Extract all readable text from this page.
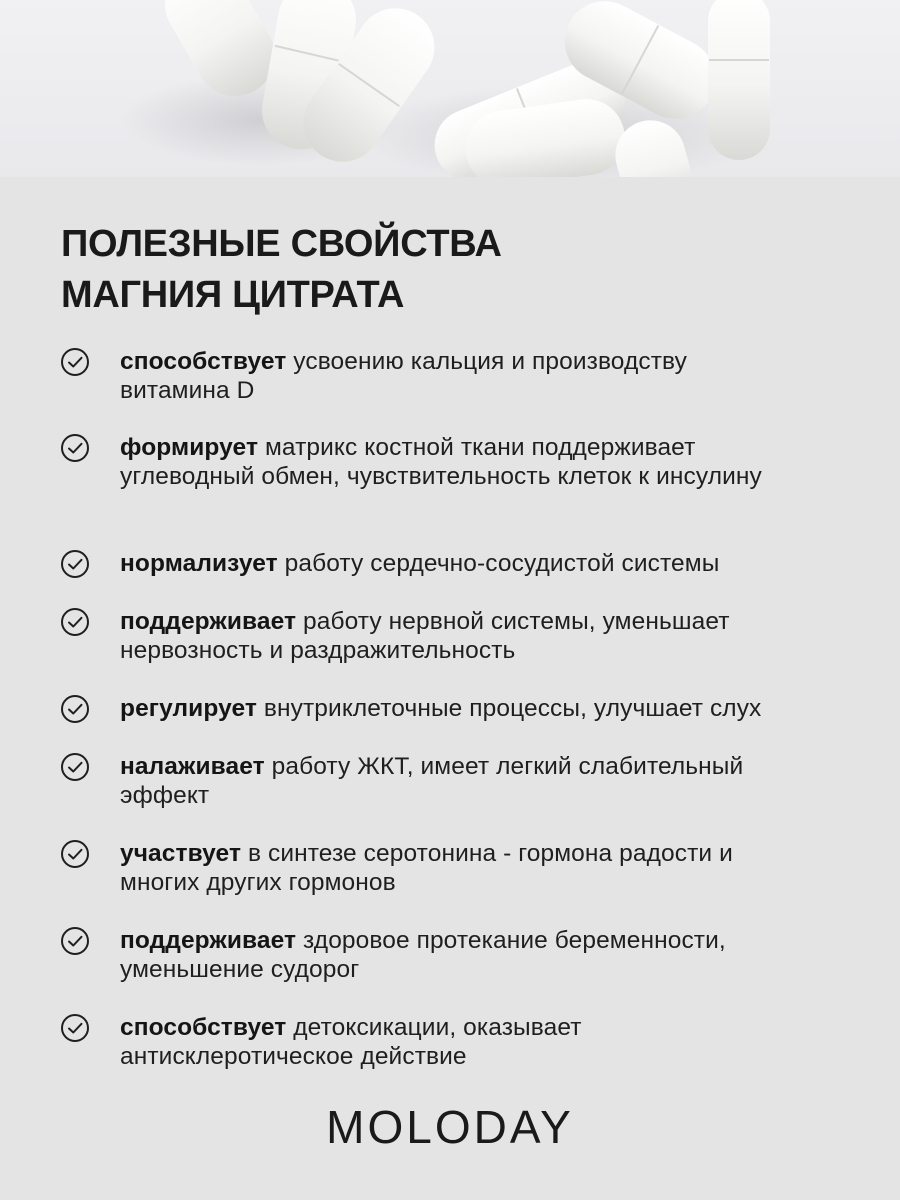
ПОЛЕЗНЫЕ СВОЙСТВА
МАГНИЯ ЦИТРАТА
способствует усвоению кальция и производству витамина D
формирует матрикс костной ткани поддерживает углеводный обмен, чувствительность клеток к инсулину
нормализует работу сердечно-сосудистой системы
поддерживает работу нервной системы, уменьшает нервозность и раздражительность
регулирует внутриклеточные процессы, улучшает слух
налаживает работу ЖКТ, имеет легкий слабительный эффект
участвует в синтезе серотонина - гормона радости и многих других гормонов
поддерживает здоровое протекание беременности, уменьшение судорог
способствует детоксикации, оказывает антисклеротическое действие
MOLODAY
